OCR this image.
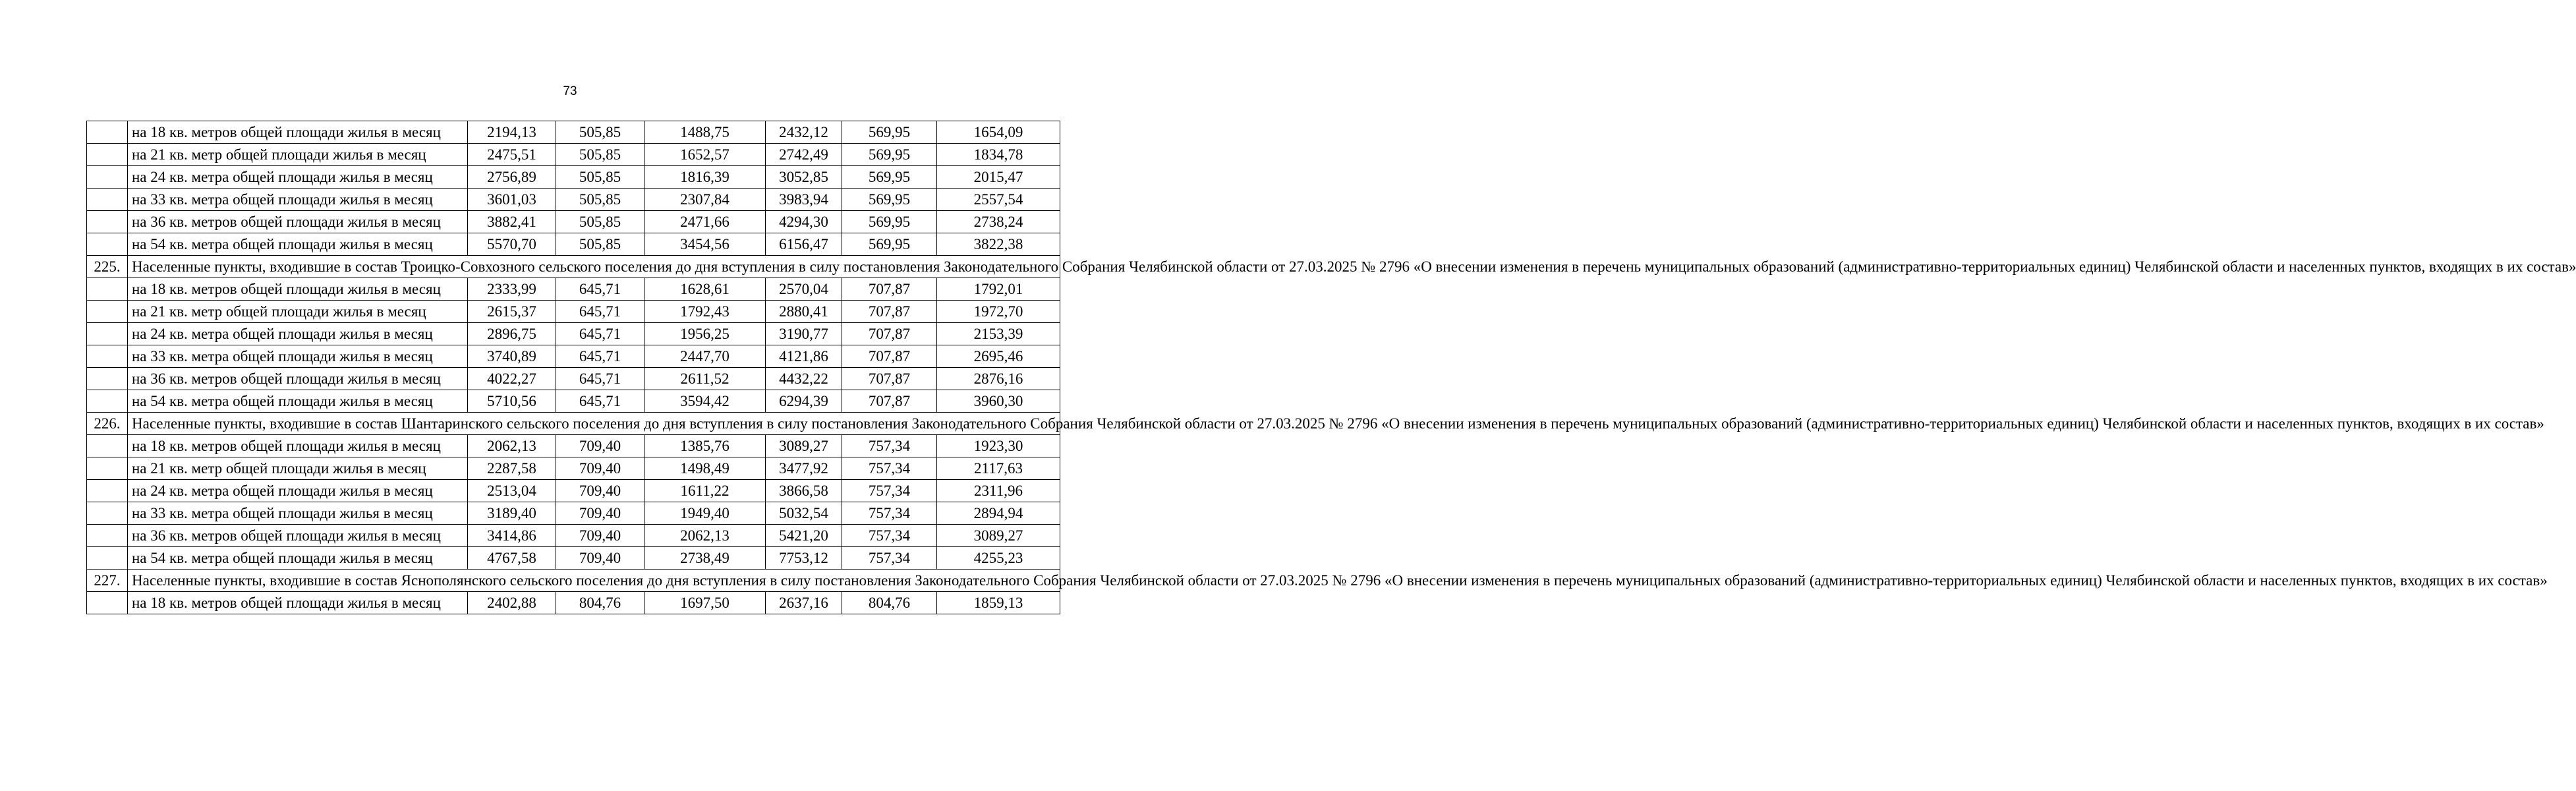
73
	на 18 кв. метров общей площади жилья в месяц	2194,13	505,85	1488,75	2432,12	569,95	1654,09
	на 21 кв. метр общей площади жилья в месяц	2475,51	505,85	1652,57	2742,49	569,95	1834,78
	на 24 кв. метра общей площади жилья в месяц	2756,89	505,85	1816,39	3052,85	569,95	2015,47
	на 33 кв. метра общей площади жилья в месяц	3601,03	505,85	2307,84	3983,94	569,95	2557,54
	на 36 кв. метров общей площади жилья в месяц	3882,41	505,85	2471,66	4294,30	569,95	2738,24
	на 54 кв. метра общей площади жилья в месяц	5570,70	505,85	3454,56	6156,47	569,95	3822,38
225.	Населенные пункты, входившие в состав Троицко-Совхозного сельского поселения до дня вступления в силу постановления Законодательного Собрания Челябинской области от 27.03.2025 № 2796 «О внесении изменения в перечень муниципальных образований (административно-территориальных единиц) Челябинской области и населенных пунктов, входящих в их состав»						
	на 18 кв. метров общей площади жилья в месяц	2333,99	645,71	1628,61	2570,04	707,87	1792,01
	на 21 кв. метр общей площади жилья в месяц	2615,37	645,71	1792,43	2880,41	707,87	1972,70
	на 24 кв. метра общей площади жилья в месяц	2896,75	645,71	1956,25	3190,77	707,87	2153,39
	на 33 кв. метра общей площади жилья в месяц	3740,89	645,71	2447,70	4121,86	707,87	2695,46
	на 36 кв. метров общей площади жилья в месяц	4022,27	645,71	2611,52	4432,22	707,87	2876,16
	на 54 кв. метра общей площади жилья в месяц	5710,56	645,71	3594,42	6294,39	707,87	3960,30
226.	Населенные пункты, входившие в состав Шантаринского сельского поселения до дня вступления в силу постановления Законодательного Собрания Челябинской области от 27.03.2025 № 2796 «О внесении изменения в перечень муниципальных образований (административно-территориальных единиц) Челябинской области и населенных пунктов, входящих в их состав»						
	на 18 кв. метров общей площади жилья в месяц	2062,13	709,40	1385,76	3089,27	757,34	1923,30
	на 21 кв. метр общей площади жилья в месяц	2287,58	709,40	1498,49	3477,92	757,34	2117,63
	на 24 кв. метра общей площади жилья в месяц	2513,04	709,40	1611,22	3866,58	757,34	2311,96
	на 33 кв. метра общей площади жилья в месяц	3189,40	709,40	1949,40	5032,54	757,34	2894,94
	на 36 кв. метров общей площади жилья в месяц	3414,86	709,40	2062,13	5421,20	757,34	3089,27
	на 54 кв. метра общей площади жилья в месяц	4767,58	709,40	2738,49	7753,12	757,34	4255,23
227.	Населенные пункты, входившие в состав Яснополянского сельского поселения до дня вступления в силу постановления Законодательного Собрания Челябинской области от 27.03.2025 № 2796 «О внесении изменения в перечень муниципальных образований (административно-территориальных единиц) Челябинской области и населенных пунктов, входящих в их состав»						
	на 18 кв. метров общей площади жилья в месяц	2402,88	804,76	1697,50	2637,16	804,76	1859,13
